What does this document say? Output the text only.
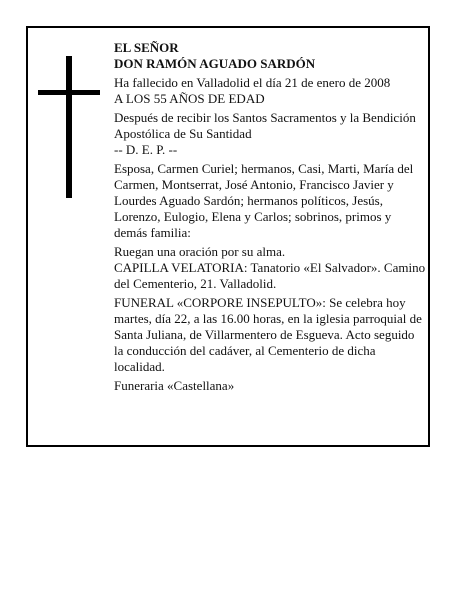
EL SEÑOR

DON RAMÓN AGUADO SARDÓN

Ha fallecido en Valladolid el día 21 de enero de 2008

A LOS 55 AÑOS DE EDAD

Después de recibir los Santos Sacramentos y la Bendición Apostólica de Su Santidad

-- D. E. P. --

Esposa, Carmen Curiel; hermanos, Casi, Marti, María del Carmen, Montserrat, José Antonio, Francisco Javier y Lourdes Aguado Sardón; hermanos políticos, Jesús, Lorenzo, Eulogio, Elena y Carlos; sobrinos, primos y demás familia:

Ruegan una oración por su alma.

CAPILLA VELATORIA: Tanatorio «El Salvador». Camino del Cementerio, 21. Valladolid.

FUNERAL «CORPORE INSEPULTO»: Se celebra hoy martes, día 22, a las 16.00 horas, en la iglesia parroquial de Santa Juliana, de Villarmentero de Esgueva. Acto seguido la conducción del cadáver, al Cementerio de dicha localidad.

Funeraria «Castellana»
